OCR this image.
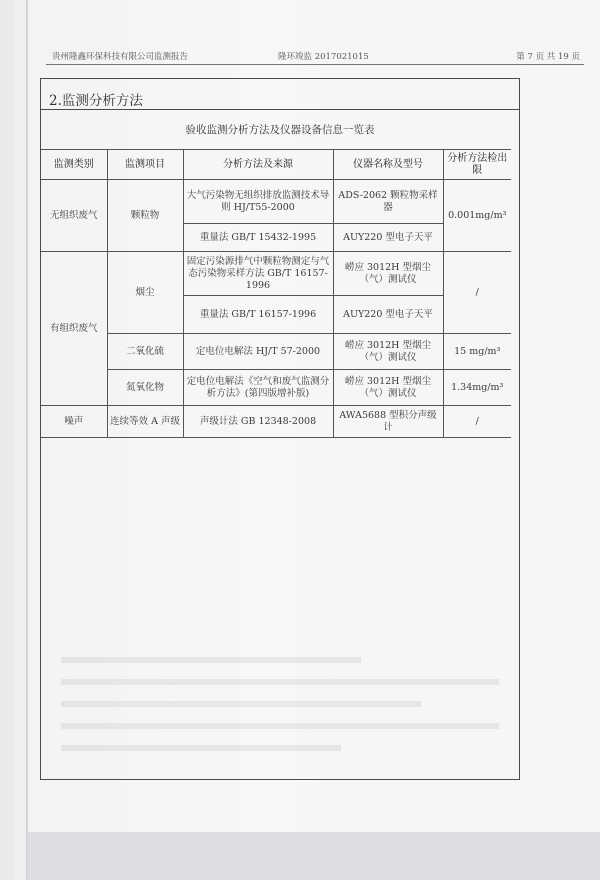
贵州隆鑫环保科技有限公司监测报告	隆环竣监 2017021015	第 7 页 共 19 页
2.监测分析方法
验收监测分析方法及仪器设备信息一览表
监测类别	监测项目	分析方法及来源	仪器名称及型号	分析方法检出限
无组织废气	颗粒物	大气污染物无组织排放监测技术导则 HJ/T55-2000	ADS-2062 颗粒物采样器	0.001mg/m³
		重量法 GB/T 15432-1995	AUY220 型电子天平	
有组织废气	烟尘	固定污染源排气中颗粒物测定与气态污染物采样方法 GB/T 16157-1996	崂应 3012H 型烟尘（气）测试仪	/
		重量法 GB/T 16157-1996	AUY220 型电子天平	
	二氧化硫	定电位电解法 HJ/T 57-2000	崂应 3012H 型烟尘（气）测试仪	15 mg/m³
	氮氧化物	定电位电解法《空气和废气监测分析方法》(第四版增补版)	崂应 3012H 型烟尘（气）测试仪	1.34mg/m³
噪声	连续等效 A 声级	声级计法 GB 12348-2008	AWA5688 型积分声级计	/
